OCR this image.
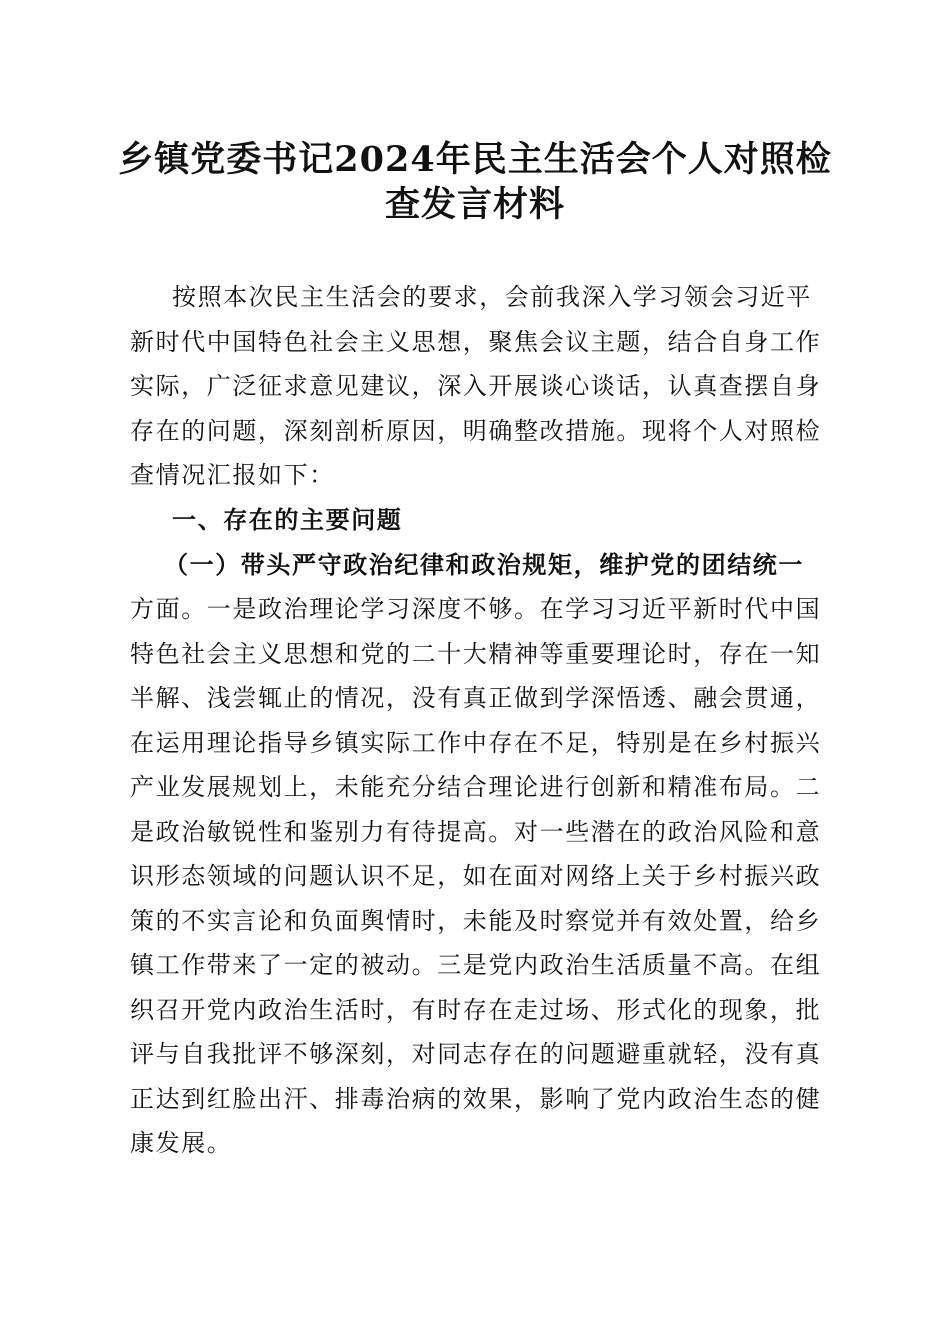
乡镇党委书记2024年民主生活会个人对照检
查发言材料
按照本次民主生活会的要求，会前我深入学习领会习近平
新时代中国特色社会主义思想，聚焦会议主题，结合自身工作
实际，广泛征求意见建议，深入开展谈心谈话，认真查摆自身
存在的问题，深刻剖析原因，明确整改措施。现将个人对照检
查情况汇报如下：
一、存在的主要问题
（一）带头严守政治纪律和政治规矩，维护党的团结统一
方面。一是政治理论学习深度不够。在学习习近平新时代中国
特色社会主义思想和党的二十大精神等重要理论时，存在一知
半解、浅尝辄止的情况，没有真正做到学深悟透、融会贯通，
在运用理论指导乡镇实际工作中存在不足，特别是在乡村振兴
产业发展规划上，未能充分结合理论进行创新和精准布局。二
是政治敏锐性和鉴别力有待提高。对一些潜在的政治风险和意
识形态领域的问题认识不足，如在面对网络上关于乡村振兴政
策的不实言论和负面舆情时，未能及时察觉并有效处置，给乡
镇工作带来了一定的被动。三是党内政治生活质量不高。在组
织召开党内政治生活时，有时存在走过场、形式化的现象，批
评与自我批评不够深刻，对同志存在的问题避重就轻，没有真
正达到红脸出汗、排毒治病的效果，影响了党内政治生态的健
康发展。
